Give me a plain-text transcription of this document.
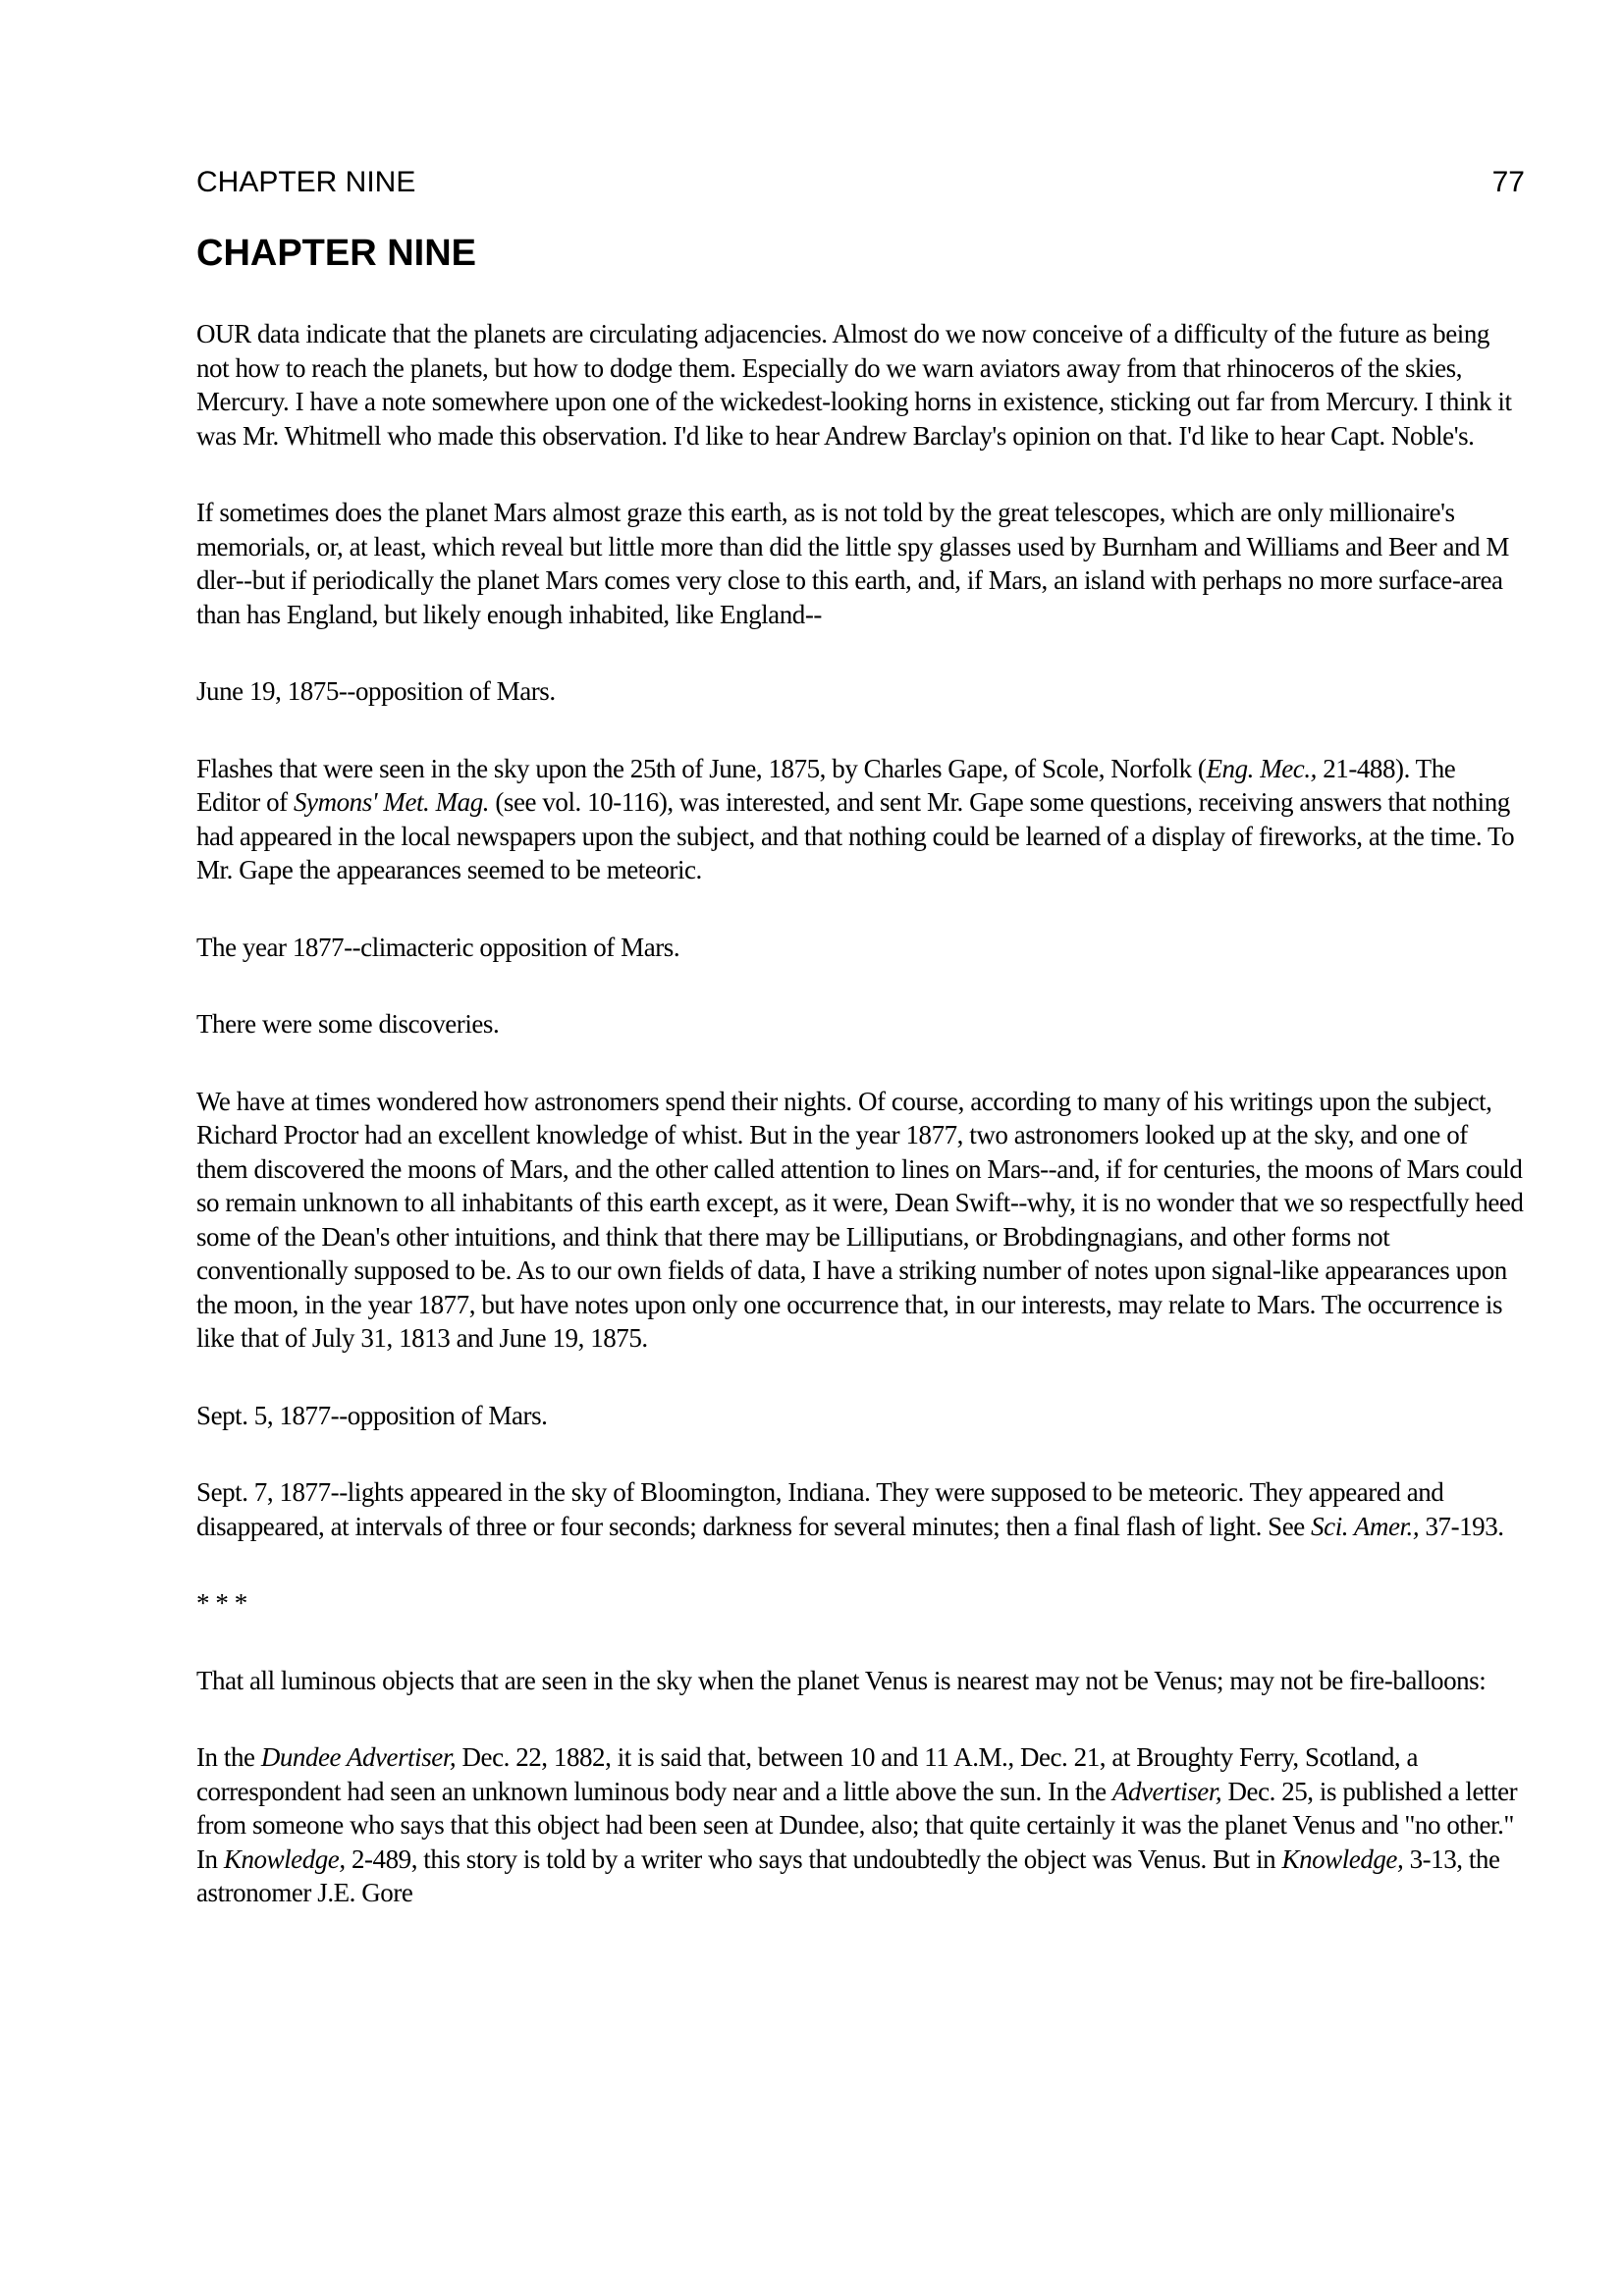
CHAPTER NINE	77
CHAPTER NINE

OUR data indicate that the planets are circulating adjacencies. Almost do we now conceive of a difficulty of the future as being not how to reach the planets, but how to dodge them. Especially do we warn aviators away from that rhinoceros of the skies, Mercury. I have a note somewhere upon one of the wickedest-looking horns in existence, sticking out far from Mercury. I think it was Mr. Whitmell who made this observation. I'd like to hear Andrew Barclay's opinion on that. I'd like to hear Capt. Noble's.

If sometimes does the planet Mars almost graze this earth, as is not told by the great telescopes, which are only millionaire's memorials, or, at least, which reveal but little more than did the little spy glasses used by Burnham and Williams and Beer and M dler--but if periodically the planet Mars comes very close to this earth, and, if Mars, an island with perhaps no more surface-area than has England, but likely enough inhabited, like England--

June 19, 1875--opposition of Mars.

Flashes that were seen in the sky upon the 25th of June, 1875, by Charles Gape, of Scole, Norfolk (Eng. Mec., 21-488). The Editor of Symons' Met. Mag. (see vol. 10-116), was interested, and sent Mr. Gape some questions, receiving answers that nothing had appeared in the local newspapers upon the subject, and that nothing could be learned of a display of fireworks, at the time. To Mr. Gape the appearances seemed to be meteoric.

The year 1877--climacteric opposition of Mars.

There were some discoveries.

We have at times wondered how astronomers spend their nights. Of course, according to many of his writings upon the subject, Richard Proctor had an excellent knowledge of whist. But in the year 1877, two astronomers looked up at the sky, and one of them discovered the moons of Mars, and the other called attention to lines on Mars--and, if for centuries, the moons of Mars could so remain unknown to all inhabitants of this earth except, as it were, Dean Swift--why, it is no wonder that we so respectfully heed some of the Dean's other intuitions, and think that there may be Lilliputians, or Brobdingnagians, and other forms not conventionally supposed to be. As to our own fields of data, I have a striking number of notes upon signal-like appearances upon the moon, in the year 1877, but have notes upon only one occurrence that, in our interests, may relate to Mars. The occurrence is like that of July 31, 1813 and June 19, 1875.

Sept. 5, 1877--opposition of Mars.

Sept. 7, 1877--lights appeared in the sky of Bloomington, Indiana. They were supposed to be meteoric. They appeared and disappeared, at intervals of three or four seconds; darkness for several minutes; then a final flash of light. See Sci. Amer., 37-193.

* * *

That all luminous objects that are seen in the sky when the planet Venus is nearest may not be Venus; may not be fire-balloons:

In the Dundee Advertiser, Dec. 22, 1882, it is said that, between 10 and 11 A.M., Dec. 21, at Broughty Ferry, Scotland, a correspondent had seen an unknown luminous body near and a little above the sun. In the Advertiser, Dec. 25, is published a letter from someone who says that this object had been seen at Dundee, also; that quite certainly it was the planet Venus and "no other." In Knowledge, 2-489, this story is told by a writer who says that undoubtedly the object was Venus. But in Knowledge, 3-13, the astronomer J.E. Gore
